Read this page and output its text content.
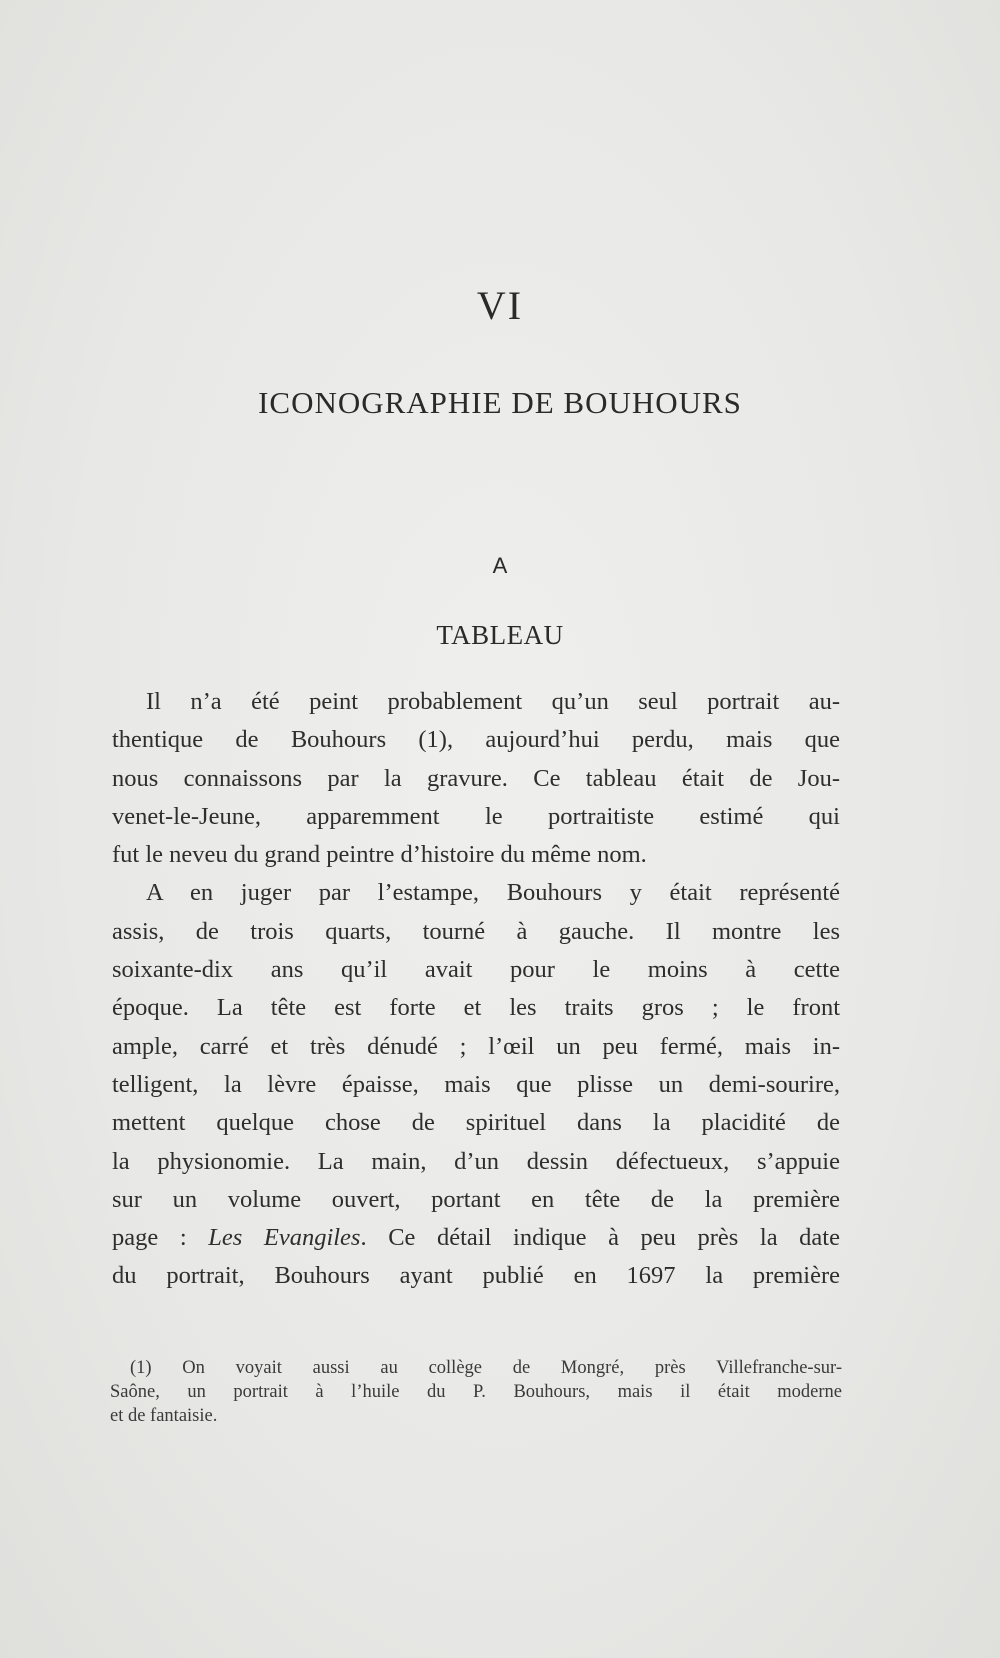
VI
ICONOGRAPHIE DE BOUHOURS
A
TABLEAU
Il n’a été peint probablement qu’un seul portrait au-
thentique de Bouhours (1), aujourd’hui perdu, mais que
nous connaissons par la gravure. Ce tableau était de Jou-
venet-le-Jeune, apparemment le portraitiste estimé qui
fut le neveu du grand peintre d’histoire du même nom.
A en juger par l’estampe, Bouhours y était représenté
assis, de trois quarts, tourné à gauche. Il montre les
soixante-dix ans qu’il avait pour le moins à cette
époque. La tête est forte et les traits gros ; le front
ample, carré et très dénudé ; l’œil un peu fermé, mais in-
telligent, la lèvre épaisse, mais que plisse un demi-sourire,
mettent quelque chose de spirituel dans la placidité de
la physionomie. La main, d’un dessin défectueux, s’appuie
sur un volume ouvert, portant en tête de la première
page : Les Evangiles. Ce détail indique à peu près la date
du portrait, Bouhours ayant publié en 1697 la première
(1) On voyait aussi au collège de Mongré, près Villefranche-sur-
Saône, un portrait à l’huile du P. Bouhours, mais il était moderne
et de fantaisie.
